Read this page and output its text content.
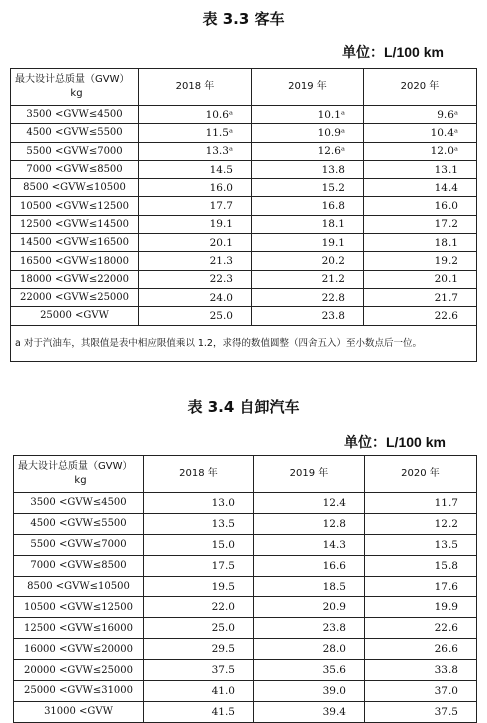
表 3.3 客车
单位：L/100 km
最大设计总质量（GVW）
kg	2018 年	2019 年	2020 年
3500 <GVW≤4500	10.6ᵃ	10.1ᵃ	9.6ᵃ
4500 <GVW≤5500	11.5ᵃ	10.9ᵃ	10.4ᵃ
5500 <GVW≤7000	13.3ᵃ	12.6ᵃ	12.0ᵃ
7000 <GVW≤8500	14.5	13.8	13.1
8500 <GVW≤10500	16.0	15.2	14.4
10500 <GVW≤12500	17.7	16.8	16.0
12500 <GVW≤14500	19.1	18.1	17.2
14500 <GVW≤16500	20.1	19.1	18.1
16500 <GVW≤18000	21.3	20.2	19.2
18000 <GVW≤22000	22.3	21.2	20.1
22000 <GVW≤25000	24.0	22.8	21.7
25000 <GVW	25.0	23.8	22.6
a 对于汽油车，其限值是表中相应限值乘以 1.2，求得的数值圆整（四舍五入）至小数点后一位。			
表 3.4 自卸汽车
单位：L/100 km
最大设计总质量（GVW）
kg	2018 年	2019 年	2020 年
3500 <GVW≤4500	13.0	12.4	11.7
4500 <GVW≤5500	13.5	12.8	12.2
5500 <GVW≤7000	15.0	14.3	13.5
7000 <GVW≤8500	17.5	16.6	15.8
8500 <GVW≤10500	19.5	18.5	17.6
10500 <GVW≤12500	22.0	20.9	19.9
12500 <GVW≤16000	25.0	23.8	22.6
16000 <GVW≤20000	29.5	28.0	26.6
20000 <GVW≤25000	37.5	35.6	33.8
25000 <GVW≤31000	41.0	39.0	37.0
31000 <GVW	41.5	39.4	37.5
